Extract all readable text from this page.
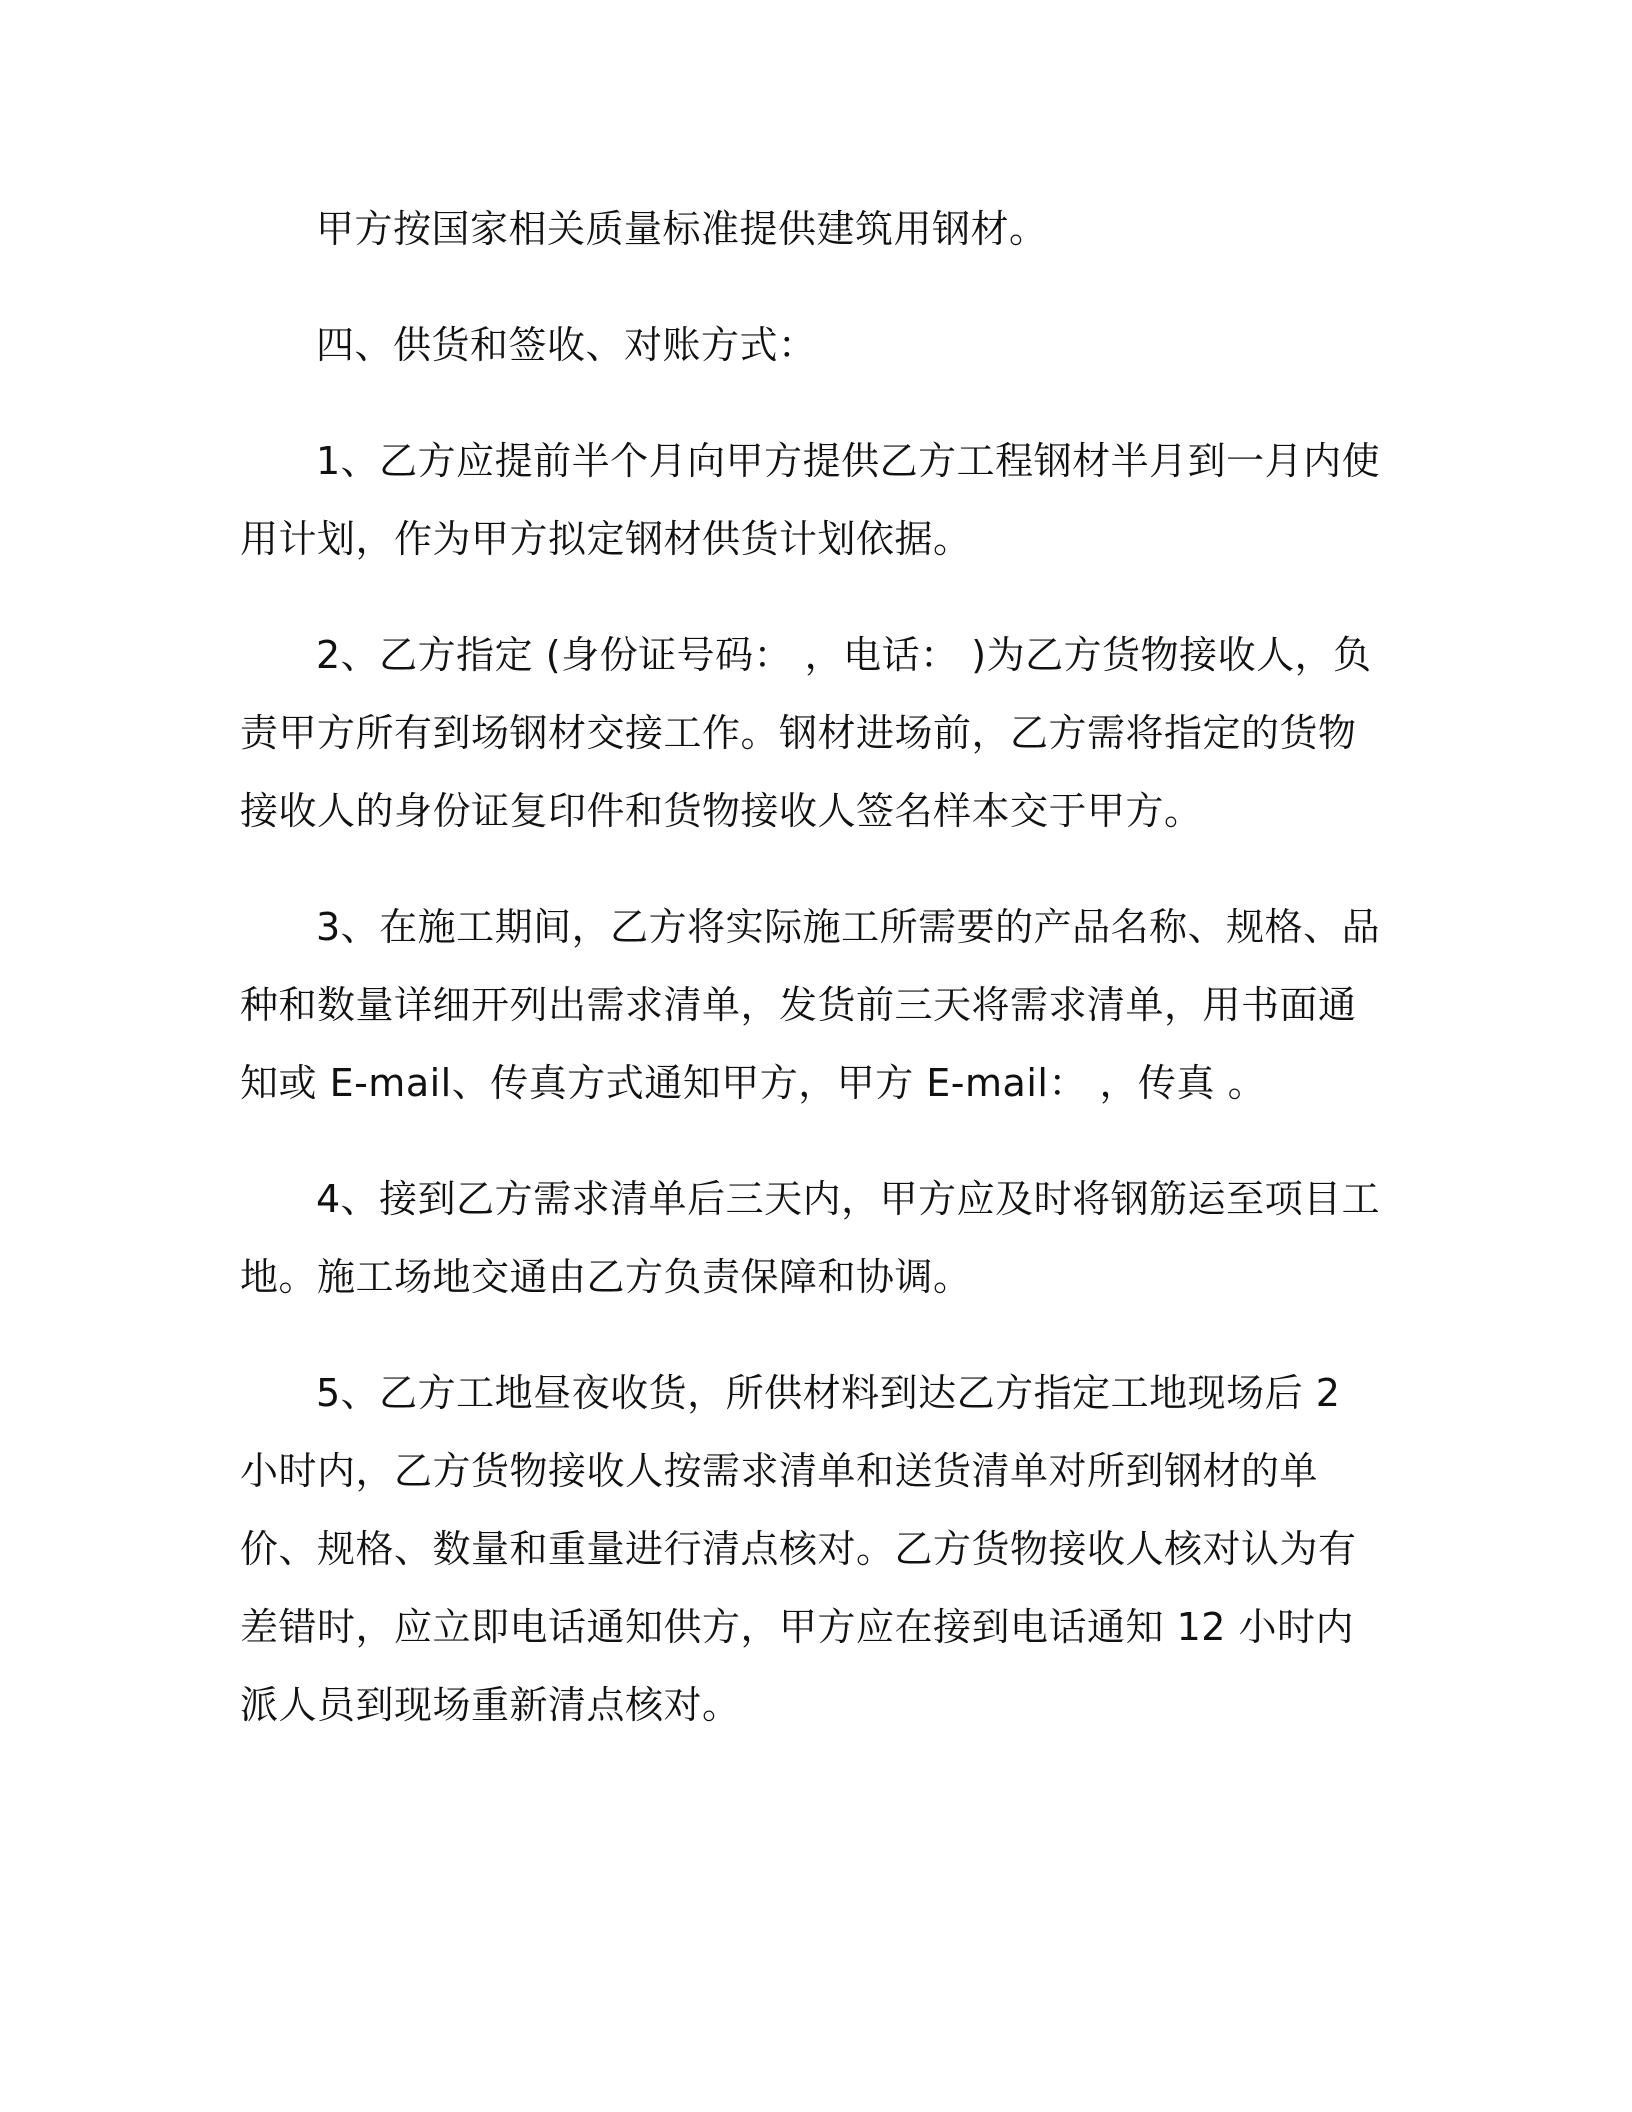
甲方按国家相关质量标准提供建筑用钢材。

四、供货和签收、对账方式：

1、乙方应提前半个月向甲方提供乙方工程钢材半月到一月内使用计划，作为甲方拟定钢材供货计划依据。

2、乙方指定 (身份证号码： ，电话： )为乙方货物接收人，负责甲方所有到场钢材交接工作。钢材进场前，乙方需将指定的货物接收人的身份证复印件和货物接收人签名样本交于甲方。

3、在施工期间，乙方将实际施工所需要的产品名称、规格、品种和数量详细开列出需求清单，发货前三天将需求清单，用书面通知或 E-mail、传真方式通知甲方，甲方 E-mail： ，传真 。

4、接到乙方需求清单后三天内，甲方应及时将钢筋运至项目工地。施工场地交通由乙方负责保障和协调。

5、乙方工地昼夜收货，所供材料到达乙方指定工地现场后 2 小时内，乙方货物接收人按需求清单和送货清单对所到钢材的单价、规格、数量和重量进行清点核对。乙方货物接收人核对认为有差错时，应立即电话通知供方，甲方应在接到电话通知 12 小时内派人员到现场重新清点核对。
